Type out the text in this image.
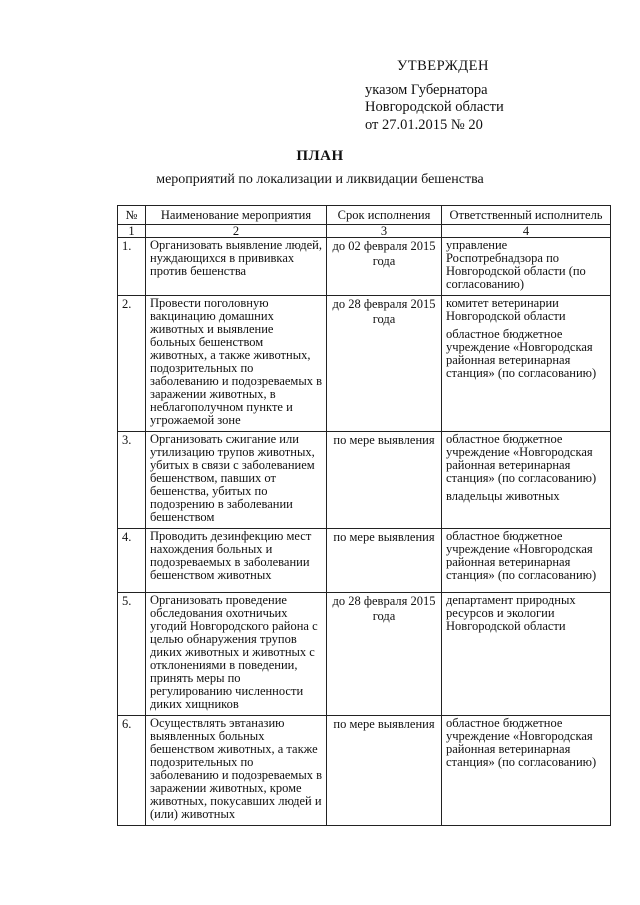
УТВЕРЖДЕН
указом Губернатора
Новгородской области
от 27.01.2015 № 20
ПЛАН
мероприятий по локализации и ликвидации бешенства
№	Наименование мероприятия	Срок исполнения	Ответственный исполнитель
1	2	3	4
1.	Организовать выявление людей, нуждающихся в прививках против бешенства	до 02 февраля 2015 года	управление Роспотребнадзора по Новгородской области (по согласованию)

2.	Провести поголовную вакцинацию домашних животных и выявление больных бешенством животных, а также животных, подозрительных по заболеванию и подозреваемых в заражении животных, в неблагополучном пункте и угрожаемой зоне	до 28 февраля 2015 года	комитет ветеринарии Новгородской области
областное бюджетное учреждение «Новгородская районная ветеринарная станция» (по согласованию)

3.	Организовать сжигание или утилизацию трупов животных, убитых в связи с заболеванием бешенством, павших от бешенства, убитых по подозрению в заболевании бешенством	по мере выявления	областное бюджетное учреждение «Новгородская районная ветеринарная станция» (по согласованию)
владельцы животных

4.	Проводить дезинфекцию мест нахождения больных и подозреваемых в заболевании бешенством животных	по мере выявления	областное бюджетное учреждение «Новгородская районная ветеринарная станция» (по согласованию)

5.	Организовать проведение обследования охотничьих угодий Новгородского района с целью обнаружения трупов диких животных и животных с отклонениями в поведении, принять меры по регулированию численности диких хищников	до 28 февраля 2015 года	департамент природных ресурсов и экологии Новгородской области

6.	Осуществлять эвтаназию выявленных больных бешенством животных, а также подозрительных по заболеванию и подозреваемых в заражении животных, кроме животных, покусавших людей и (или) животных	по мере выявления	областное бюджетное учреждение «Новгородская районная ветеринарная станция» (по согласованию)
